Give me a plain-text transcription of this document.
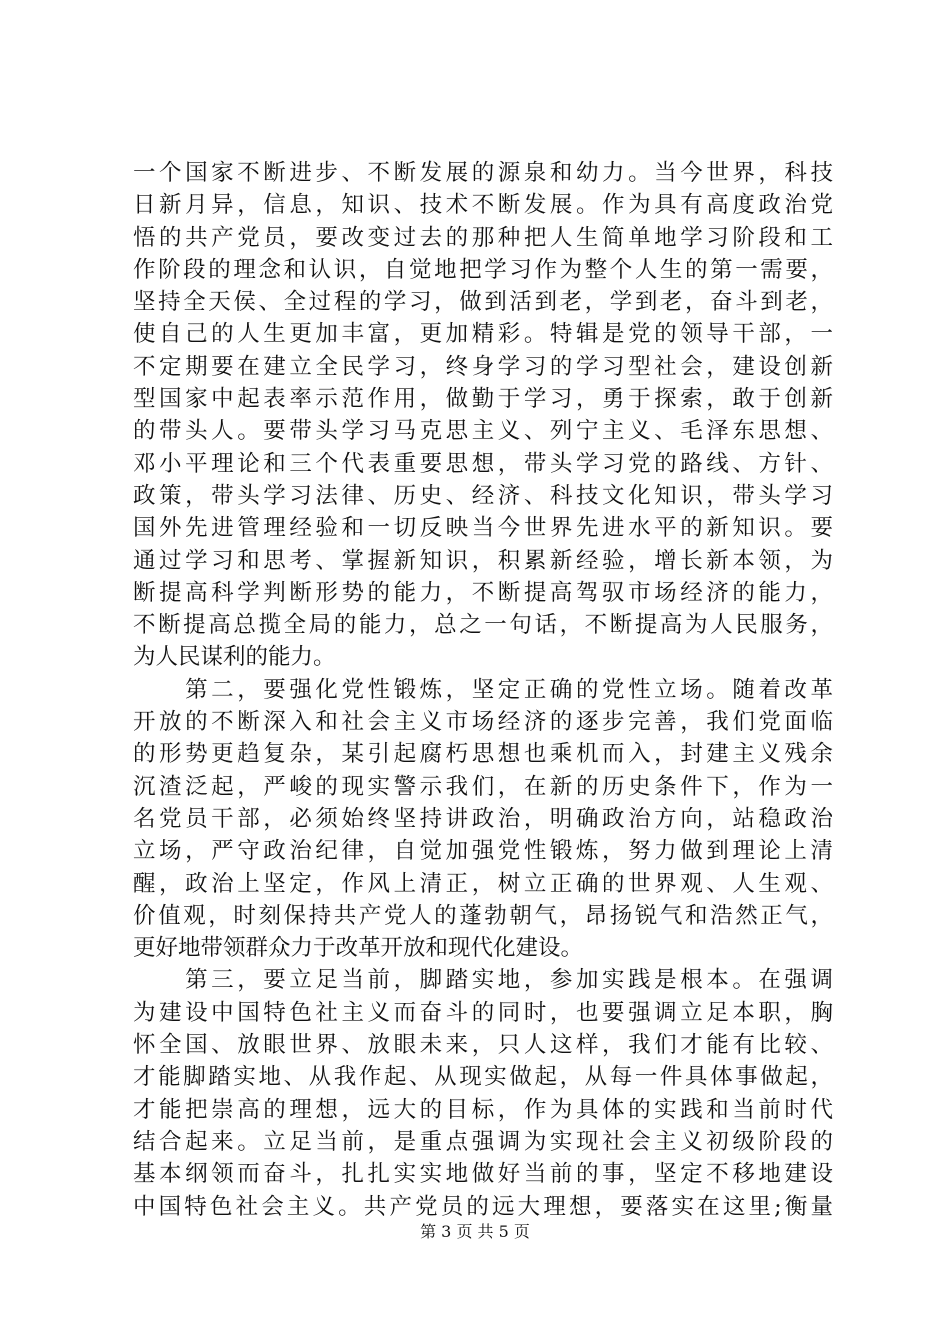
一个国家不断进步、不断发展的源泉和幼力。当今世界，科技
日新月异，信息，知识、技术不断发展。作为具有高度政治党
悟的共产党员，要改变过去的那种把人生简单地学习阶段和工
作阶段的理念和认识，自觉地把学习作为整个人生的第一需要，
坚持全天侯、全过程的学习，做到活到老，学到老，奋斗到老，
使自己的人生更加丰富，更加精彩。特辑是党的领导干部，一
不定期要在建立全民学习，终身学习的学习型社会，建设创新
型国家中起表率示范作用，做勤于学习，勇于探索，敢于创新
的带头人。要带头学习马克思主义、列宁主义、毛泽东思想、
邓小平理论和三个代表重要思想，带头学习党的路线、方针、
政策，带头学习法律、历史、经济、科技文化知识，带头学习
国外先进管理经验和一切反映当今世界先进水平的新知识。要
通过学习和思考、掌握新知识，积累新经验，增长新本领，为
断提高科学判断形势的能力，不断提高驾驭市场经济的能力，
不断提高总揽全局的能力，总之一句话，不断提高为人民服务，
为人民谋利的能力。
　　第二，要强化党性锻炼，坚定正确的党性立场。随着改革
开放的不断深入和社会主义市场经济的逐步完善，我们党面临
的形势更趋复杂，某引起腐朽思想也乘机而入，封建主义残余
沉渣泛起，严峻的现实警示我们，在新的历史条件下，作为一
名党员干部，必须始终坚持讲政治，明确政治方向，站稳政治
立场，严守政治纪律，自觉加强党性锻炼，努力做到理论上清
醒，政治上坚定，作风上清正，树立正确的世界观、人生观、
价值观，时刻保持共产党人的蓬勃朝气，昂扬锐气和浩然正气，
更好地带领群众力于改革开放和现代化建设。
　　第三，要立足当前，脚踏实地，参加实践是根本。在强调
为建设中国特色社主义而奋斗的同时，也要强调立足本职，胸
怀全国、放眼世界、放眼未来，只人这样，我们才能有比较、
才能脚踏实地、从我作起、从现实做起，从每一件具体事做起，
才能把崇高的理想，远大的目标，作为具体的实践和当前时代
结合起来。立足当前，是重点强调为实现社会主义初级阶段的
基本纲领而奋斗，扎扎实实地做好当前的事，坚定不移地建设
中国特色社会主义。共产党员的远大理想，要落实在这里;衡量
第 3 页 共 5 页
